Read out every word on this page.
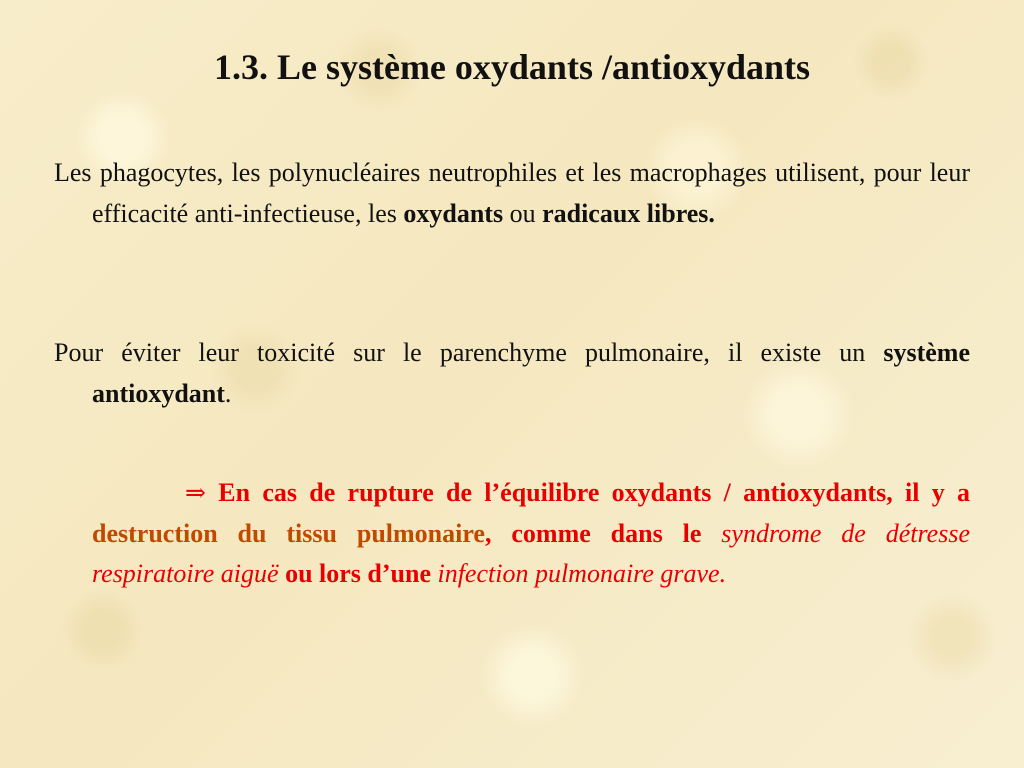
1.3. Le système oxydants /antioxydants

Les phagocytes, les polynucléaires neutrophiles et les macrophages utilisent, pour leur efficacité anti-infectieuse, les oxydants ou radicaux libres.

Pour éviter leur toxicité sur le parenchyme pulmonaire, il existe un système antioxydant.

⇒ En cas de rupture de l’équilibre oxydants / antioxydants, il y a destruction du tissu pulmonaire, comme dans le syndrome de détresse respiratoire aiguë ou lors d’une infection pulmonaire grave.
